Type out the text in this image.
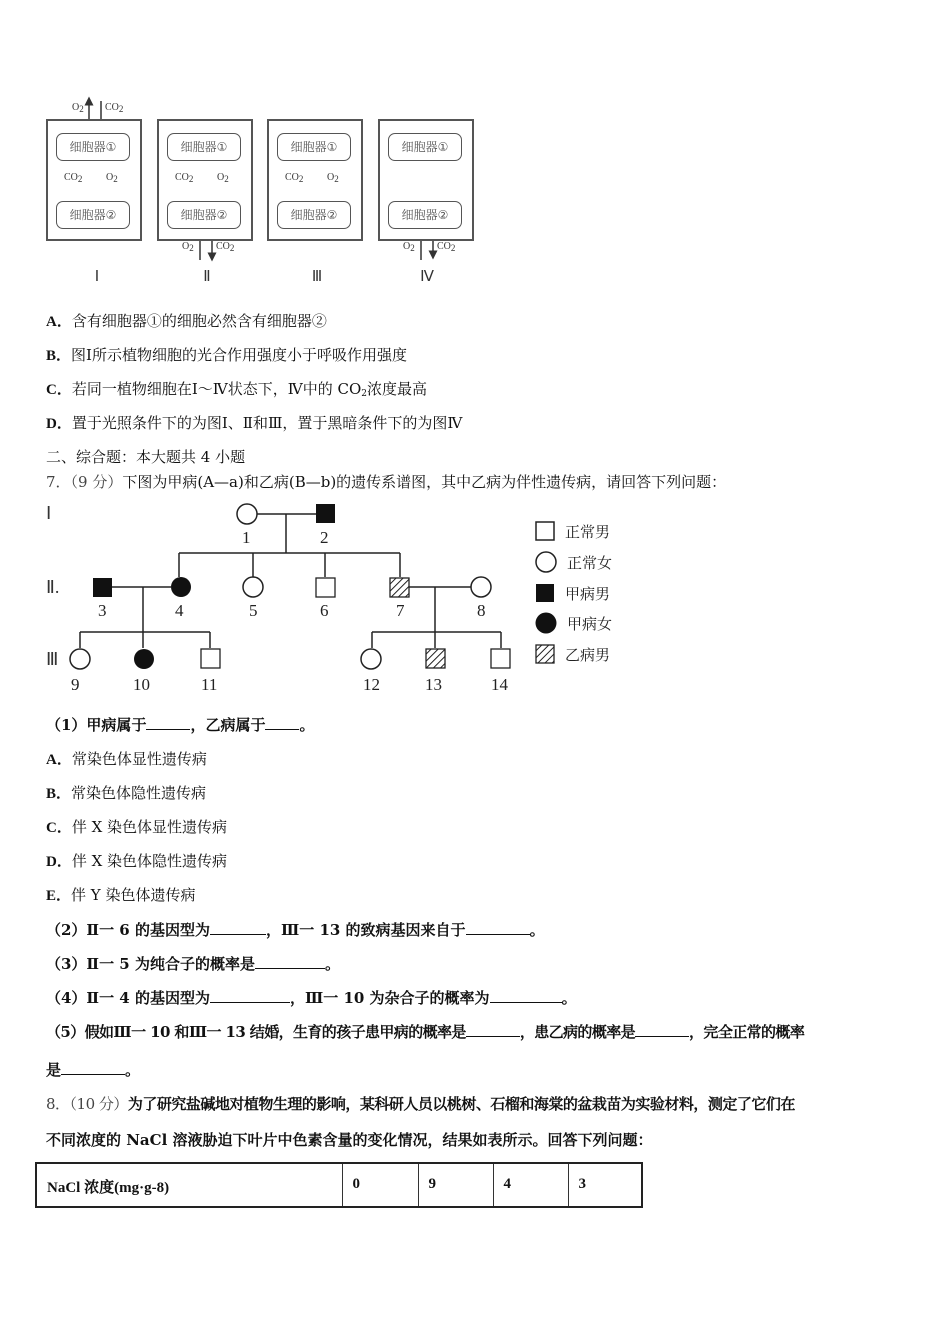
细胞器①
细胞器②
细胞器①
细胞器②
细胞器①
细胞器②
细胞器①
细胞器②
$O_2$ $CO_2$
$CO_2$ $O_2$	$CO_2$ $O_2$
$O_2$ $CO_2$
$CO_2$ $O_2$
$O_2$ $CO_2$
Ⅰ	Ⅱ	Ⅲ	Ⅳ
A．含有细胞器①的细胞必然含有细胞器②
B．图Ⅰ所示植物细胞的光合作用强度小于呼吸作用强度
C．若同一植物细胞在Ⅰ～Ⅳ状态下，Ⅳ中的 $CO_2$浓度最高
D．置于光照条件下的为图Ⅰ、Ⅱ和Ⅲ，置于黑暗条件下的为图Ⅳ
二、综合题：本大题共 4 小题
7．（9 分）下图为甲病(A—a)和乙病(B—b)的遗传系谱图，其中乙病为伴性遗传病，请回答下列问题：
Ⅰ
Ⅱ.
Ⅲ
1	2
3	4	5	6	7	8
9	10	11	12	13	14
正常男
正常女
甲病男
甲病女
乙病男
（1）甲病属于	，乙病属于 。
A．常染色体显性遗传病
B．常染色体隐性遗传病
C．伴 X 染色体显性遗传病
D．伴 X 染色体隐性遗传病
E．伴 Y 染色体遗传病
（2）Ⅱ一 6 的基因型为	，Ⅲ一 13 的致病基因来自于	。
（3）Ⅱ一 5 为纯合子的概率是	。
（4）Ⅱ一 4 的基因型为	，Ⅲ一 10 为杂合子的概率为	。
（5）假如Ⅲ一 10 和Ⅲ一 13 结婚，生育的孩子患甲病的概率是	，患乙病的概率是	，完全正常的概率
是	。
8．（10 分）为了研究盐碱地对植物生理的影响，某科研人员以桃树、石榴和海棠的盆栽苗为实验材料，测定了它们在
不同浓度的 NaCl 溶液胁迫下叶片中色素含量的变化情况，结果如表所示。回答下列问题：
NaCl 浓度(mg·g-8)	0	9	4	3
